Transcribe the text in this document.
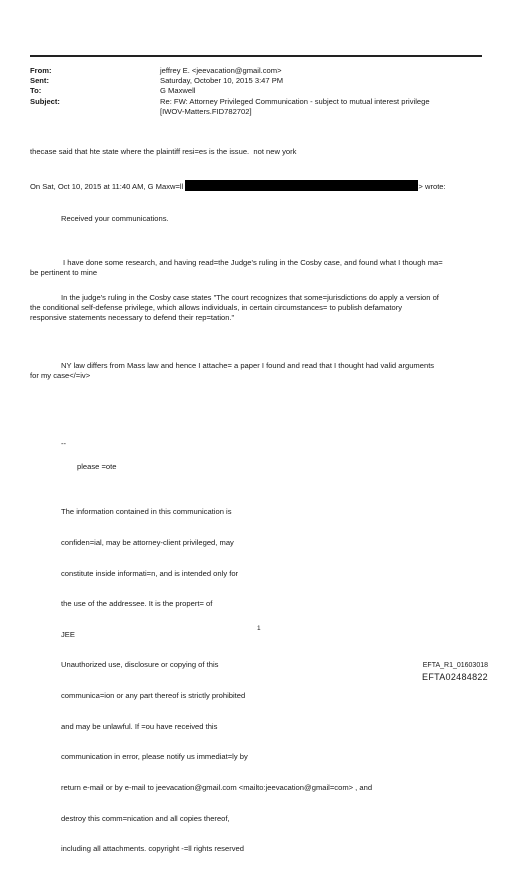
From:	jeffrey E. <jeevacation@gmail.com>
Sent:	Saturday, October 10, 2015 3:47 PM
To:	G Maxwell
Subject:	Re: FW: Attorney Privileged Communication - subject to mutual interest privilege
[IWOV-Matters.FID782702]
thecase said that hte state where the plaintiff resi=es is the issue.  not new york
On Sat, Oct 10, 2015 at 11:40 AM, G Maxw=ll	> wrote:
Received your communications.
I have done some research, and having read=the Judge's ruling in the Cosby case, and found what I though ma=
be pertinent to mine
In the judge's ruling in the Cosby case states "The court recognizes that some=jurisdictions do apply a version of
the conditional self-defense privilege, which allows individuals, in certain circumstances= to publish defamatory
responsive statements necessary to defend their rep=tation."
NY law differs from Mass law and hence I attache= a paper I found and read that I thought had valid arguments
for my case</=iv>
--
please =ote

The information contained in this communication is

confiden=ial, may be attorney-client privileged, may

constitute inside informati=n, and is intended only for

the use of the addressee. It is the propert= of

JEE

Unauthorized use, disclosure or copying of this

communica=ion or any part thereof is strictly prohibited

and may be unlawful. If =ou have received this

communication in error, please notify us immediat=ly by

return e-mail or by e-mail to jeevacation@gmail.com <mailto:jeevacation@gmail=com> , and

destroy this comm=nication and all copies thereof,

including all attachments. copyright -=ll rights reserved

1
EFTA_R1_01603018
EFTA02484822
